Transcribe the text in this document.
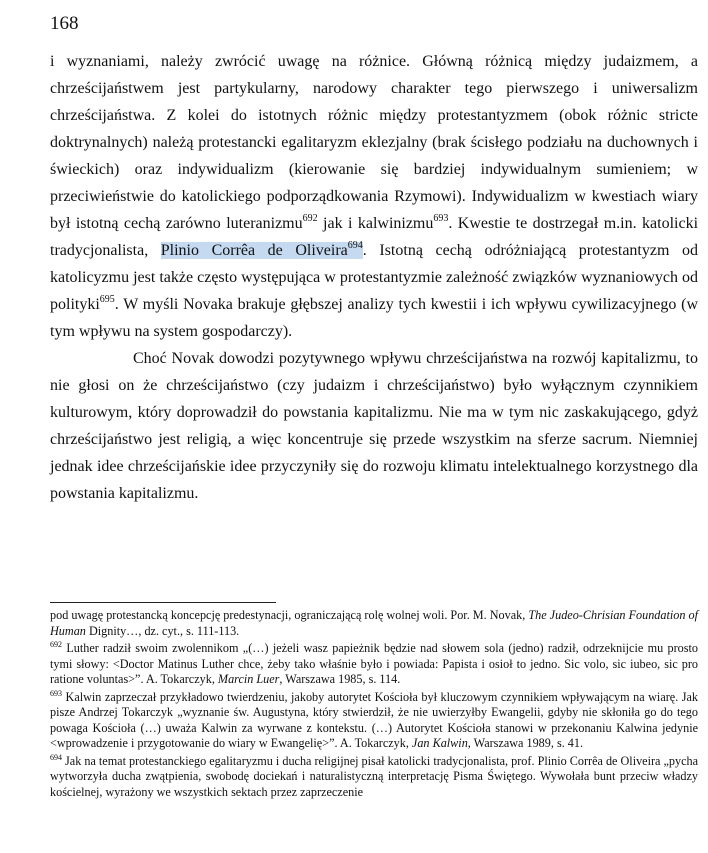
168

i wyznaniami, należy zwrócić uwagę na różnice. Główną różnicą między judaizmem, a chrześcijaństwem jest partykularny, narodowy charakter tego pierwszego i uniwersalizm chrześcijaństwa. Z kolei do istotnych różnic między protestantyzmem (obok różnic stricte doktrynalnych) należą protestancki egalitaryzm eklezjalny (brak ścisłego podziału na duchownych i świeckich) oraz indywidualizm (kierowanie się bardziej indywidualnym sumieniem; w przeciwieństwie do katolickiego podporządkowania Rzymowi). Indywidualizm w kwestiach wiary był istotną cechą zarówno luteranizmu$^{692}$ jak i kalwinizmu$^{693}$. Kwestie te dostrzegał m.in. katolicki tradycjonalista, Plinio Corrêa de Oliveira$^{694}$. Istotną cechą odróżniającą protestantyzm od katolicyzmu jest także często występująca w protestantyzmie zależność związków wyznaniowych od polityki$^{695}$. W myśli Novaka brakuje głębszej analizy tych kwestii i ich wpływu cywilizacyjnego (w tym wpływu na system gospodarczy).

Choć Novak dowodzi pozytywnego wpływu chrześcijaństwa na rozwój kapitalizmu, to nie głosi on że chrześcijaństwo (czy judaizm i chrześcijaństwo) było wyłącznym czynnikiem kulturowym, który doprowadził do powstania kapitalizmu. Nie ma w tym nic zaskakującego, gdyż chrześcijaństwo jest religią, a więc koncentruje się przede wszystkim na sferze sacrum. Niemniej jednak idee chrześcijańskie idee przyczyniły się do rozwoju klimatu intelektualnego korzystnego dla powstania kapitalizmu.

pod uwagę protestancką koncepcję predestynacji, ograniczającą rolę wolnej woli. Por. M. Novak, The Judeo-Chrisian Foundation of Human Dignity…, dz. cyt., s. 111-113.

$^{692}$ Luther radził swoim zwolennikom „(…) jeżeli wasz papieżnik będzie nad słowem sola (jedno) radził, odrzeknijcie mu prosto tymi słowy: <Doctor Matinus Luther chce, żeby tako właśnie było i powiada: Papista i osioł to jedno. Sic volo, sic iubeo, sic pro ratione voluntas>”. A. Tokarczyk, Marcin Luer, Warszawa 1985, s. 114.

$^{693}$ Kalwin zaprzeczał przykładowo twierdzeniu, jakoby autorytet Kościoła był kluczowym czynnikiem wpływającym na wiarę. Jak pisze Andrzej Tokarczyk „wyznanie św. Augustyna, który stwierdził, że nie uwierzyłby Ewangelii, gdyby nie skłoniła go do tego powaga Kościoła (…) uważa Kalwin za wyrwane z kontekstu. (…) Autorytet Kościoła stanowi w przekonaniu Kalwina jedynie <wprowadzenie i przygotowanie do wiary w Ewangelię>”. A. Tokarczyk, Jan Kalwin, Warszawa 1989, s. 41.

$^{694}$ Jak na temat protestanckiego egalitaryzmu i ducha religijnej pisał katolicki tradycjonalista, prof. Plinio Corrêa de Oliveira „pycha wytworzyła ducha zwątpienia, swobodę dociekań i naturalistyczną interpretację Pisma Świętego. Wywołała bunt przeciw władzy kościelnej, wyrażony we wszystkich sektach przez zaprzeczenie
